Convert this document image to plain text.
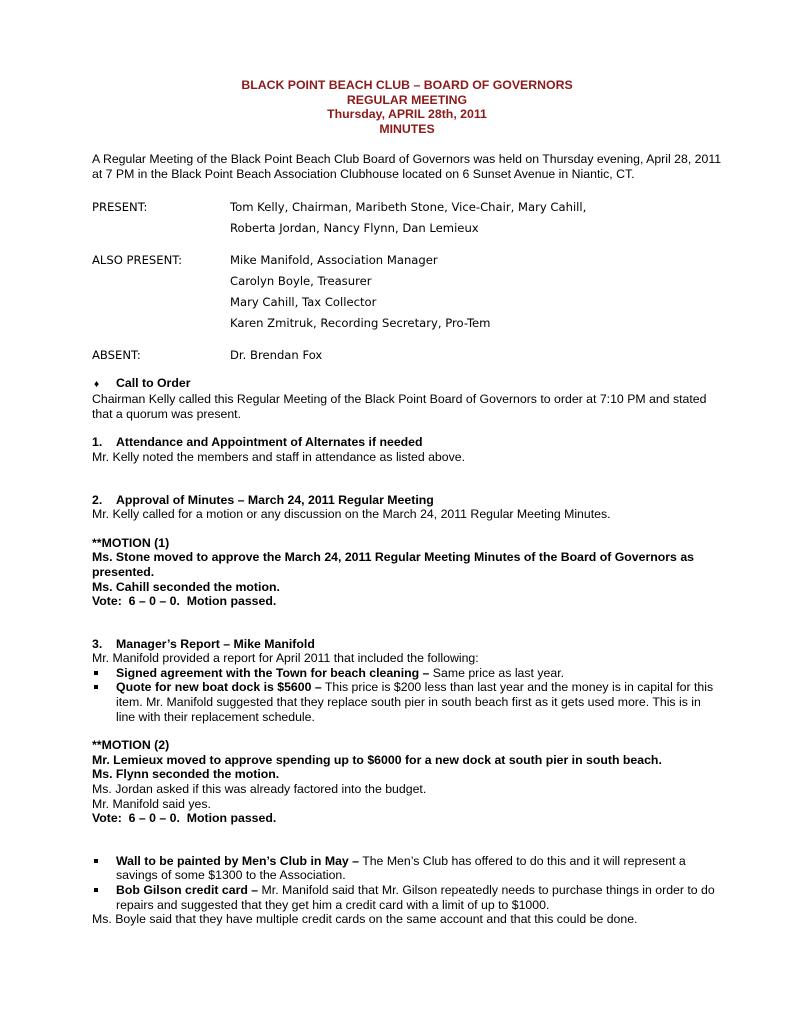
BLACK POINT BEACH CLUB – BOARD OF GOVERNORS
REGULAR MEETING
Thursday, APRIL 28th, 2011
MINUTES
A Regular Meeting of the Black Point Beach Club Board of Governors was held on Thursday evening, April 28, 2011 at 7 PM in the Black Point Beach Association Clubhouse located on 6 Sunset Avenue in Niantic, CT.
PRESENT:	Tom Kelly, Chairman, Maribeth Stone, Vice-Chair, Mary Cahill,
Roberta Jordan, Nancy Flynn, Dan Lemieux
ALSO PRESENT:	Mike Manifold, Association Manager
Carolyn Boyle, Treasurer
Mary Cahill, Tax Collector
Karen Zmitruk, Recording Secretary, Pro-Tem
ABSENT:	Dr. Brendan Fox
♦ Call to Order
Chairman Kelly called this Regular Meeting of the Black Point Board of Governors to order at 7:10 PM and stated that a quorum was present.
1. Attendance and Appointment of Alternates if needed
Mr. Kelly noted the members and staff in attendance as listed above.
2. Approval of Minutes – March 24, 2011 Regular Meeting
Mr. Kelly called for a motion or any discussion on the March 24, 2011 Regular Meeting Minutes.
**MOTION (1)
Ms. Stone moved to approve the March 24, 2011 Regular Meeting Minutes of the Board of Governors as presented.
Ms. Cahill seconded the motion.
Vote:  6 – 0 – 0.  Motion passed.
3. Manager’s Report – Mike Manifold
Mr. Manifold provided a report for April 2011 that included the following:
Signed agreement with the Town for beach cleaning – Same price as last year.
Quote for new boat dock is $5600 – This price is $200 less than last year and the money is in capital for this item. Mr. Manifold suggested that they replace south pier in south beach first as it gets used more. This is in line with their replacement schedule.
**MOTION (2)
Mr. Lemieux moved to approve spending up to $6000 for a new dock at south pier in south beach.
Ms. Flynn seconded the motion.
Ms. Jordan asked if this was already factored into the budget.
Mr. Manifold said yes.
Vote:  6 – 0 – 0.  Motion passed.
Wall to be painted by Men’s Club in May – The Men’s Club has offered to do this and it will represent a savings of some $1300 to the Association.
Bob Gilson credit card – Mr. Manifold said that Mr. Gilson repeatedly needs to purchase things in order to do repairs and suggested that they get him a credit card with a limit of up to $1000.
Ms. Boyle said that they have multiple credit cards on the same account and that this could be done.
